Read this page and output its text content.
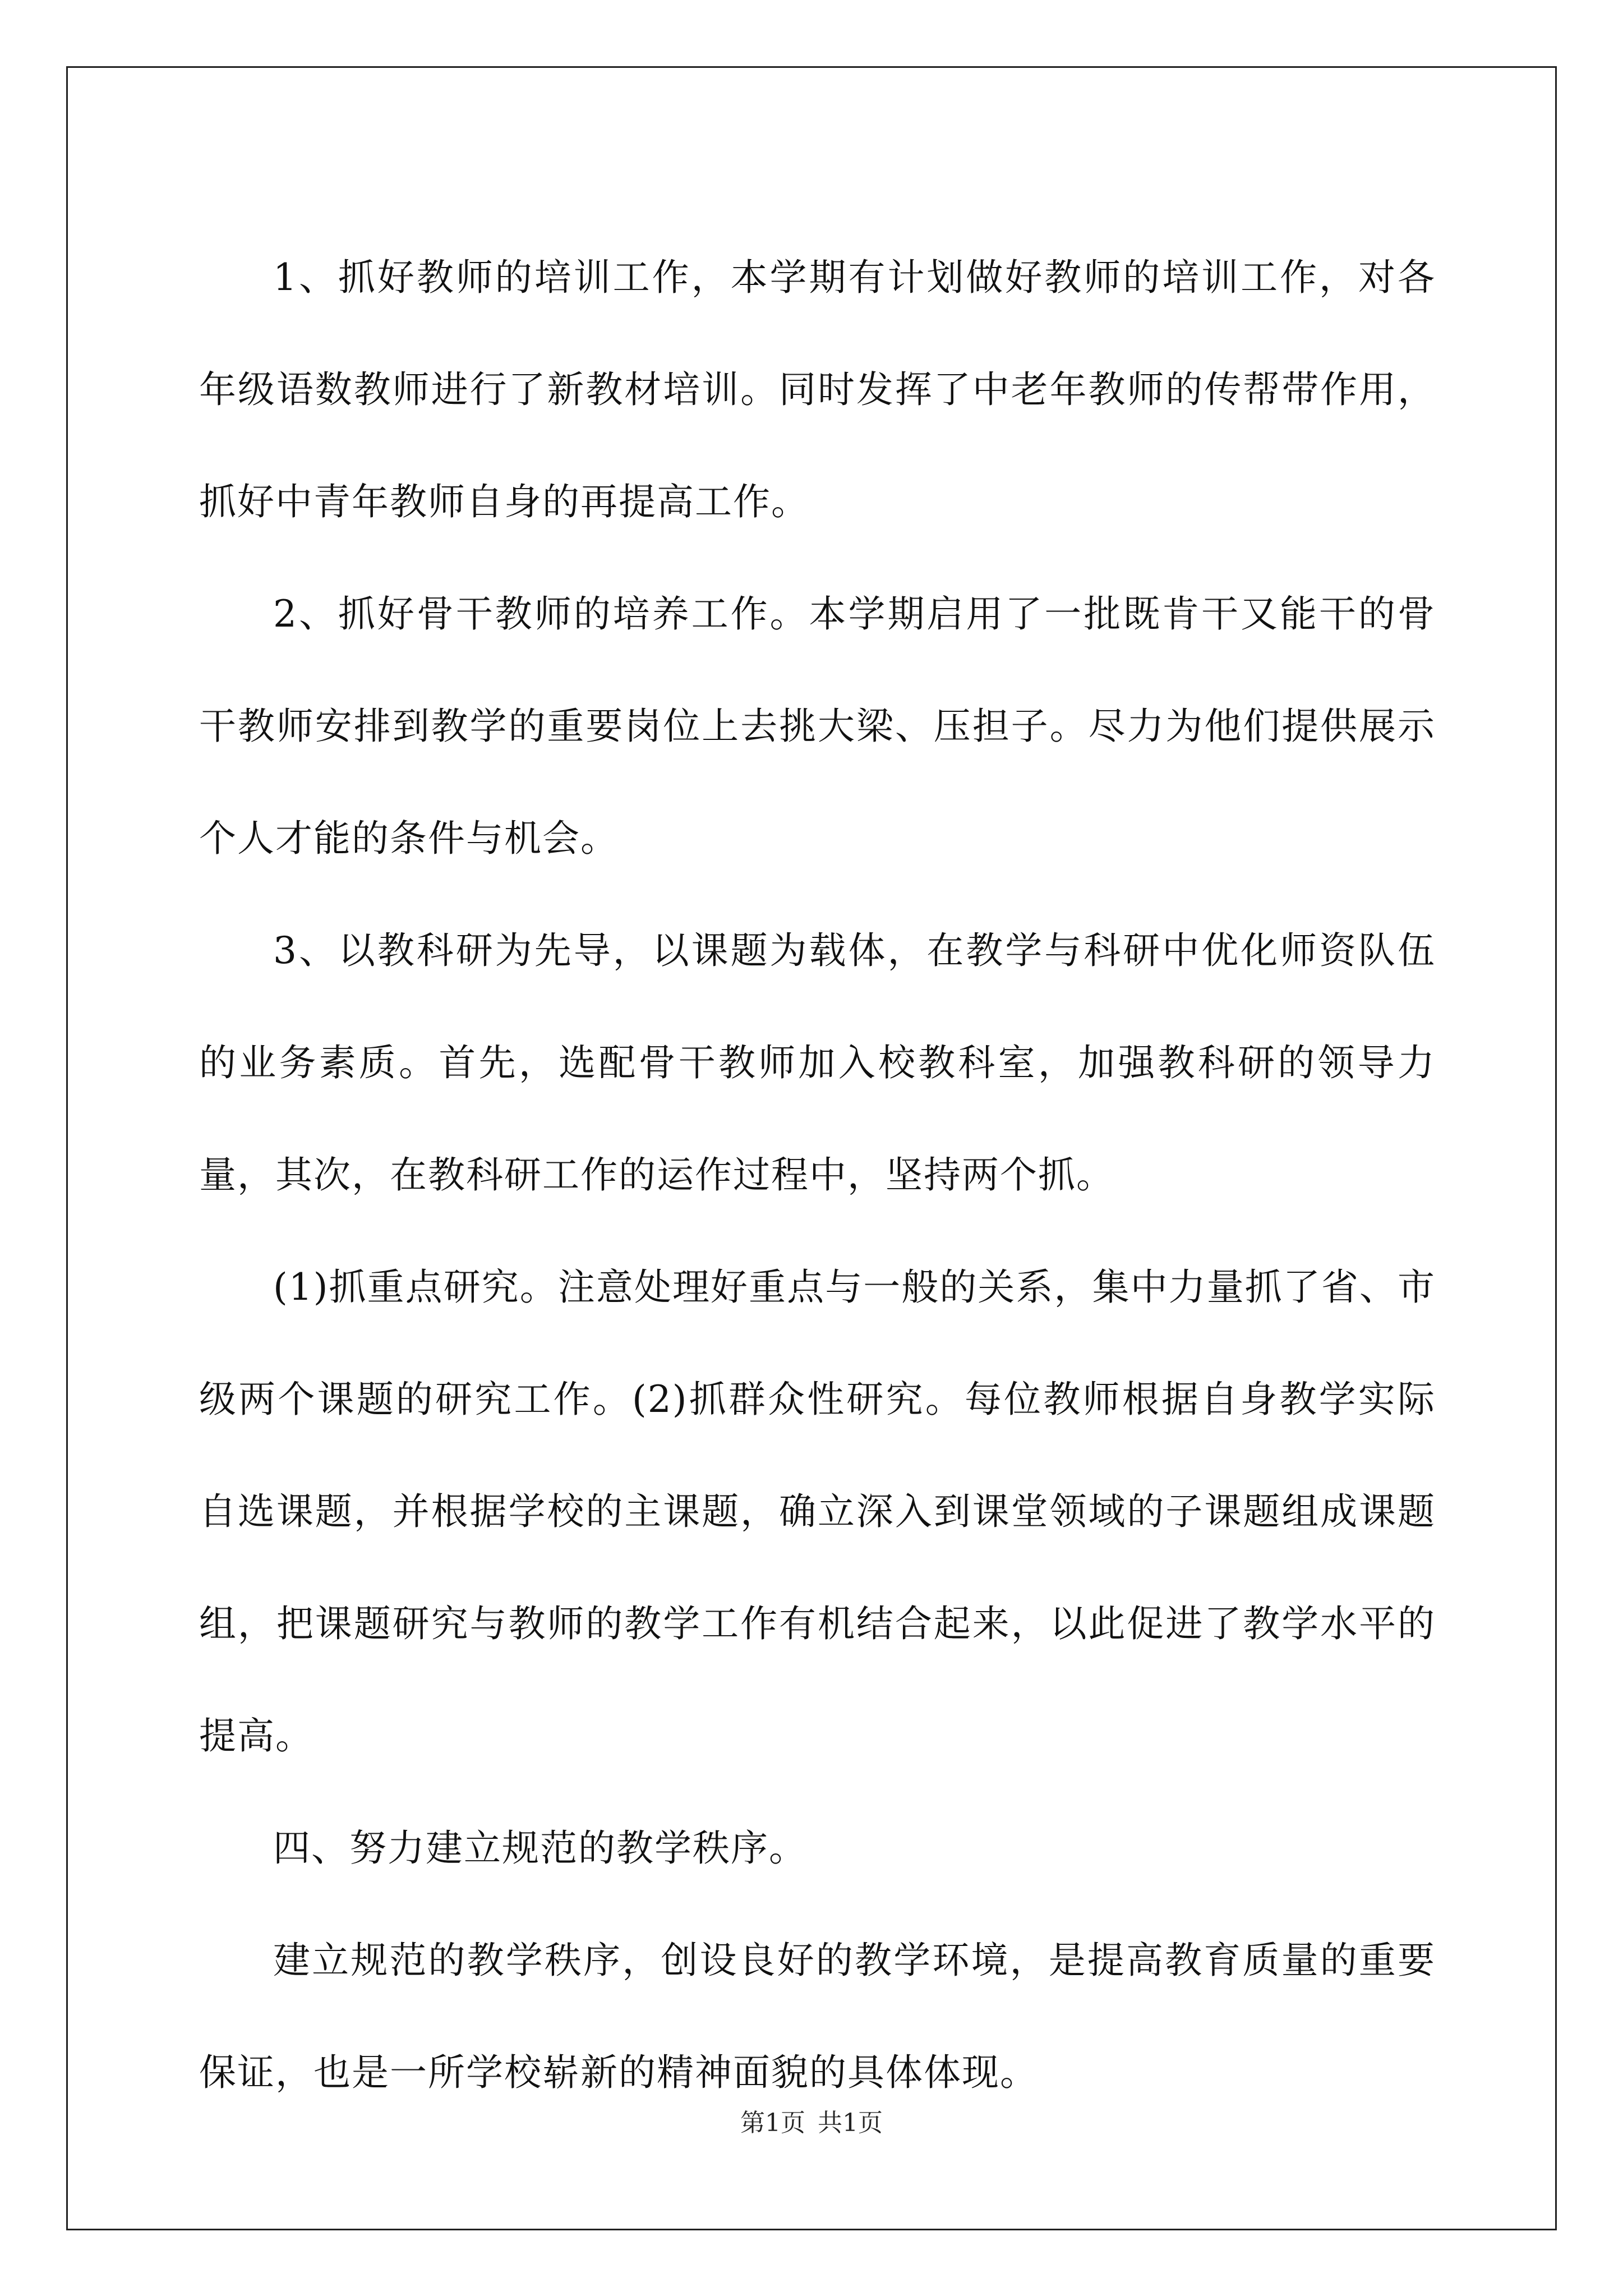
1、抓好教师的培训工作，本学期有计划做好教师的培训工作，对各年级语数教师进行了新教材培训。同时发挥了中老年教师的传帮带作用，抓好中青年教师自身的再提高工作。

2、抓好骨干教师的培养工作。本学期启用了一批既肯干又能干的骨干教师安排到教学的重要岗位上去挑大梁、压担子。尽力为他们提供展示个人才能的条件与机会。

3、以教科研为先导，以课题为载体，在教学与科研中优化师资队伍的业务素质。首先，选配骨干教师加入校教科室，加强教科研的领导力量，其次，在教科研工作的运作过程中，坚持两个抓。

(1)抓重点研究。注意处理好重点与一般的关系，集中力量抓了省、市级两个课题的研究工作。(2)抓群众性研究。每位教师根据自身教学实际自选课题，并根据学校的主课题，确立深入到课堂领域的子课题组成课题组，把课题研究与教师的教学工作有机结合起来，以此促进了教学水平的提高。

四、努力建立规范的教学秩序。

建立规范的教学秩序，创设良好的教学环境，是提高教育质量的重要保证，也是一所学校崭新的精神面貌的具体体现。

第1页 共1页
